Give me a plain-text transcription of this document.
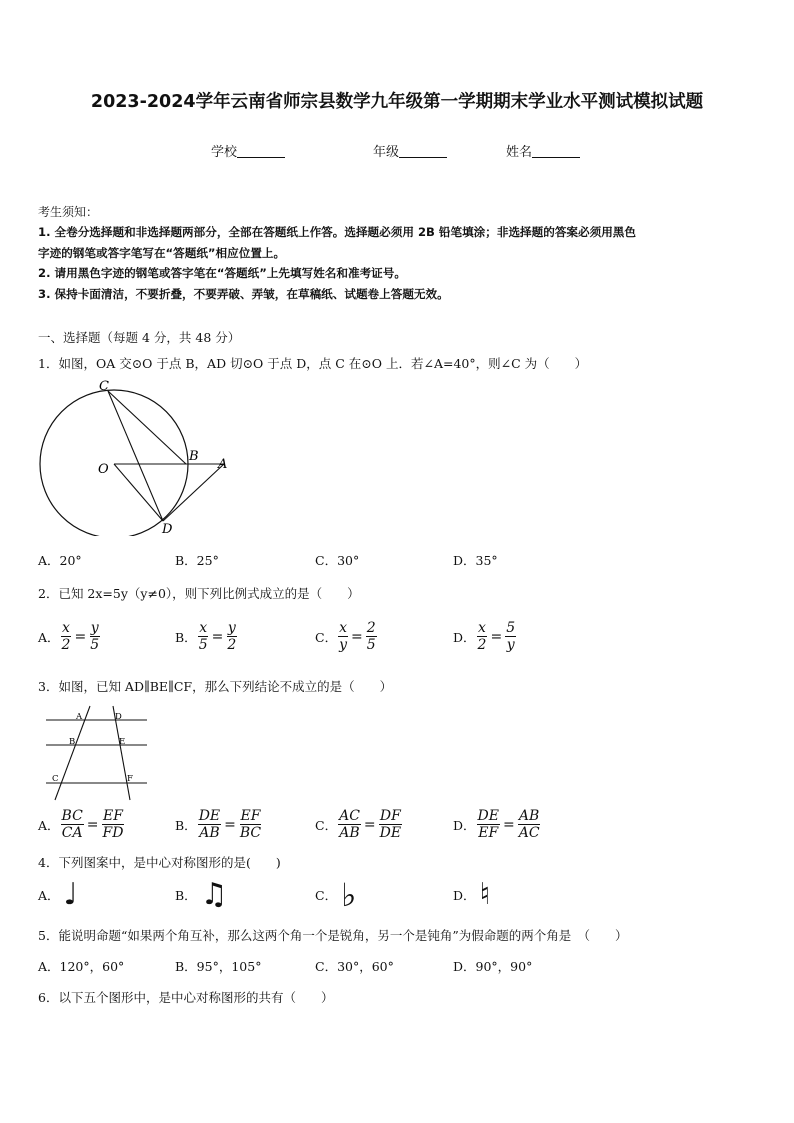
2023-2024学年云南省师宗县数学九年级第一学期期末学业水平测试模拟试题
学校	年级	姓名
考生须知：
1. 全卷分选择题和非选择题两部分，全部在答题纸上作答。选择题必须用 2B 铅笔填涂；非选择题的答案必须用黑色
字迹的钢笔或答字笔写在“答题纸”相应位置上。
2. 请用黑色字迹的钢笔或答字笔在“答题纸”上先填写姓名和准考证号。
3. 保持卡面清洁，不要折叠，不要弄破、弄皱，在草稿纸、试题卷上答题无效。
一、选择题（每题 4 分，共 48 分）
1．如图，OA 交⊙O 于点 B，AD 切⊙O 于点 D，点 C 在⊙O 上．若∠A=40°，则∠C 为（　　）
C
B
A
O
D
A．20°	B．25°	C．30°	D．35°
2．已知 2x=5y（y≠0），则下列比例式成立的是（　　）
A． $\frac{x}{2} = \frac{y}{5}$	B． $\frac{x}{5} = \frac{y}{2}$	C． $\frac{x}{y} = \frac{2}{5}$	D． $\frac{x}{2} = \frac{5}{y}$
3．如图，已知 AD∥BE∥CF，那么下列结论不成立的是（　　）
A	D
B	E
C	F
A． $\frac{BC}{CA} = \frac{EF}{FD}$	B． $\frac{DE}{AB} = \frac{EF}{BC}$	C． $\frac{AC}{AB} = \frac{DF}{DE}$	D． $\frac{DE}{EF} = \frac{AB}{AC}$
4．下列图案中，是中心对称图形的是(　　)
A． ♩	B． ♫	C． ♭	D． ♮
5．能说明命题“如果两个角互补，那么这两个角一个是锐角，另一个是钝角”为假命题的两个角是　（　　）
A．120°，60°	B．95°，105°	C．30°，60°	D．90°，90°
6．以下五个图形中，是中心对称图形的共有（　　）
